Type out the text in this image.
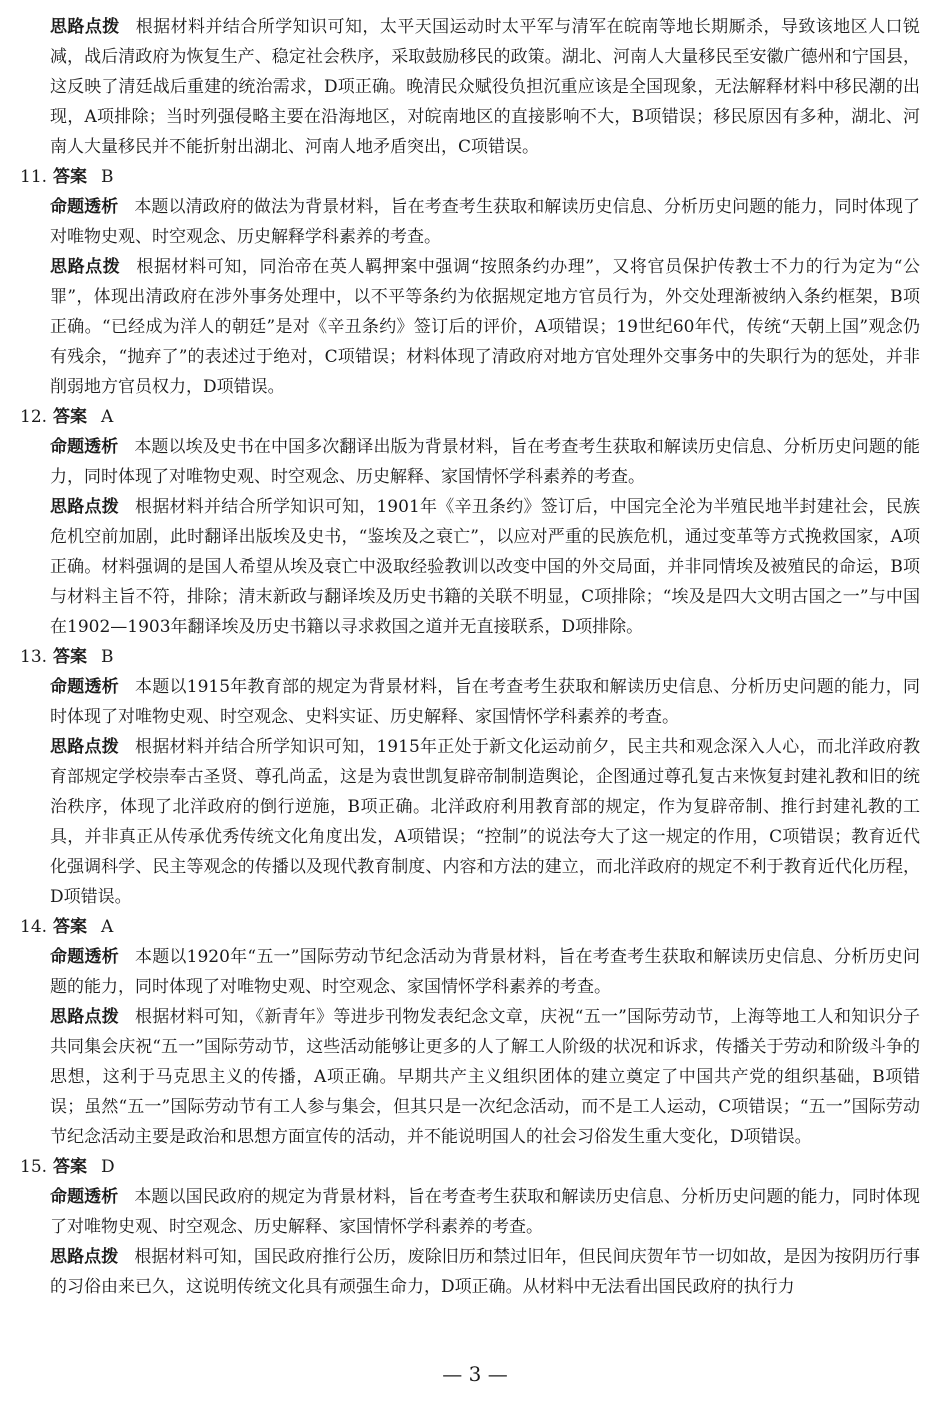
思路点拨 根据材料并结合所学知识可知，太平天国运动时太平军与清军在皖南等地长期厮杀，导致该地区人口锐减，战后清政府为恢复生产、稳定社会秩序，采取鼓励移民的政策。湖北、河南人大量移民至安徽广德州和宁国县，这反映了清廷战后重建的统治需求，D项正确。晚清民众赋役负担沉重应该是全国现象，无法解释材料中移民潮的出现，A项排除；当时列强侵略主要在沿海地区，对皖南地区的直接影响不大，B项错误；移民原因有多种，湖北、河南人大量移民并不能折射出湖北、河南人地矛盾突出，C项错误。

11. 答案 B

命题透析 本题以清政府的做法为背景材料，旨在考查考生获取和解读历史信息、分析历史问题的能力，同时体现了对唯物史观、时空观念、历史解释学科素养的考查。

思路点拨 根据材料可知，同治帝在英人羁押案中强调“按照条约办理”，又将官员保护传教士不力的行为定为“公罪”，体现出清政府在涉外事务处理中，以不平等条约为依据规定地方官员行为，外交处理渐被纳入条约框架，B项正确。“已经成为洋人的朝廷”是对《辛丑条约》签订后的评价，A项错误；19世纪60年代，传统“天朝上国”观念仍有残余，“抛弃了”的表述过于绝对，C项错误；材料体现了清政府对地方官处理外交事务中的失职行为的惩处，并非削弱地方官员权力，D项错误。

12. 答案 A

命题透析 本题以埃及史书在中国多次翻译出版为背景材料，旨在考查考生获取和解读历史信息、分析历史问题的能力，同时体现了对唯物史观、时空观念、历史解释、家国情怀学科素养的考查。

思路点拨 根据材料并结合所学知识可知，1901年《辛丑条约》签订后，中国完全沦为半殖民地半封建社会，民族危机空前加剧，此时翻译出版埃及史书，“鉴埃及之衰亡”，以应对严重的民族危机，通过变革等方式挽救国家，A项正确。材料强调的是国人希望从埃及衰亡中汲取经验教训以改变中国的外交局面，并非同情埃及被殖民的命运，B项与材料主旨不符，排除；清末新政与翻译埃及历史书籍的关联不明显，C项排除；“埃及是四大文明古国之一”与中国在1902—1903年翻译埃及历史书籍以寻求救国之道并无直接联系，D项排除。

13. 答案 B

命题透析 本题以1915年教育部的规定为背景材料，旨在考查考生获取和解读历史信息、分析历史问题的能力，同时体现了对唯物史观、时空观念、史料实证、历史解释、家国情怀学科素养的考查。

思路点拨 根据材料并结合所学知识可知，1915年正处于新文化运动前夕，民主共和观念深入人心，而北洋政府教育部规定学校崇奉古圣贤、尊孔尚孟，这是为袁世凯复辟帝制制造舆论，企图通过尊孔复古来恢复封建礼教和旧的统治秩序，体现了北洋政府的倒行逆施，B项正确。北洋政府利用教育部的规定，作为复辟帝制、推行封建礼教的工具，并非真正从传承优秀传统文化角度出发，A项错误；“控制”的说法夸大了这一规定的作用，C项错误；教育近代化强调科学、民主等观念的传播以及现代教育制度、内容和方法的建立，而北洋政府的规定不利于教育近代化历程，D项错误。

14. 答案 A

命题透析 本题以1920年“五一”国际劳动节纪念活动为背景材料，旨在考查考生获取和解读历史信息、分析历史问题的能力，同时体现了对唯物史观、时空观念、家国情怀学科素养的考查。

思路点拨 根据材料可知，《新青年》等进步刊物发表纪念文章，庆祝“五一”国际劳动节，上海等地工人和知识分子共同集会庆祝“五一”国际劳动节，这些活动能够让更多的人了解工人阶级的状况和诉求，传播关于劳动和阶级斗争的思想，这利于马克思主义的传播，A项正确。早期共产主义组织团体的建立奠定了中国共产党的组织基础，B项错误；虽然“五一”国际劳动节有工人参与集会，但其只是一次纪念活动，而不是工人运动，C项错误；“五一”国际劳动节纪念活动主要是政治和思想方面宣传的活动，并不能说明国人的社会习俗发生重大变化，D项错误。

15. 答案 D

命题透析 本题以国民政府的规定为背景材料，旨在考查考生获取和解读历史信息、分析历史问题的能力，同时体现了对唯物史观、时空观念、历史解释、家国情怀学科素养的考查。

思路点拨 根据材料可知，国民政府推行公历，废除旧历和禁过旧年，但民间庆贺年节一切如故，是因为按阴历行事的习俗由来已久，这说明传统文化具有顽强生命力，D项正确。从材料中无法看出国民政府的执行力

— 3 —
